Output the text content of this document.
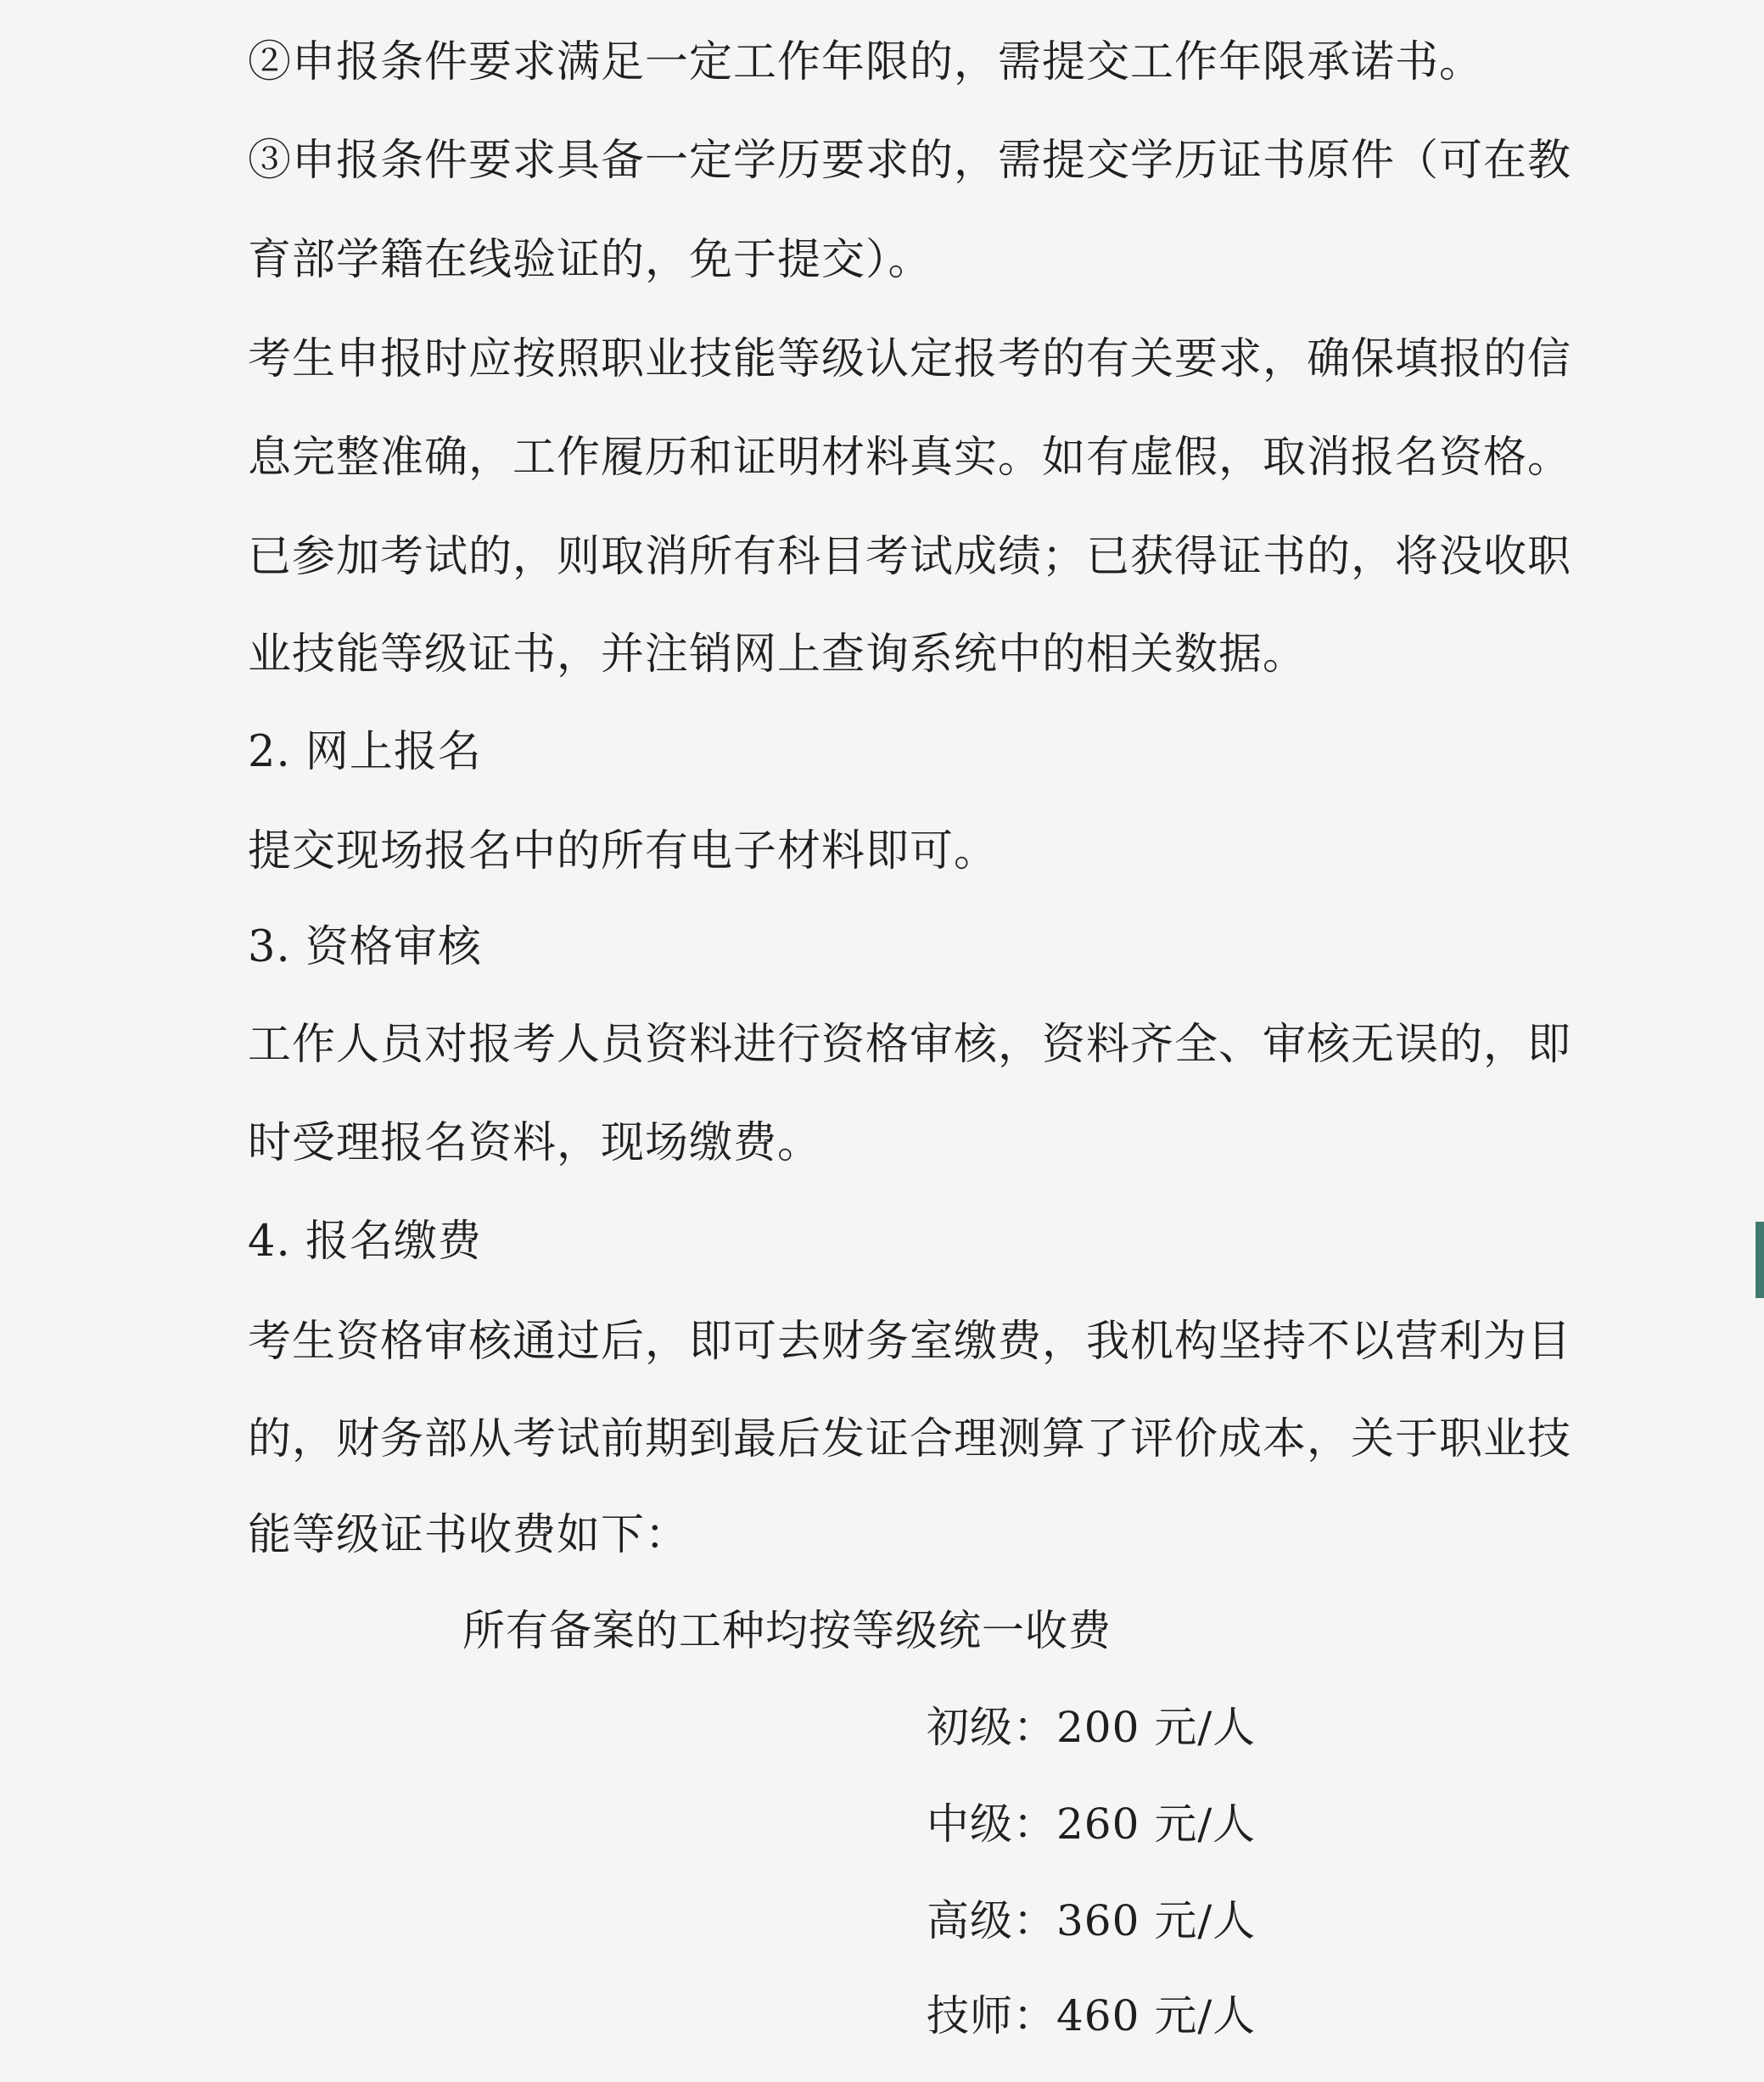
②申报条件要求满足一定工作年限的，需提交工作年限承诺书。
③申报条件要求具备一定学历要求的，需提交学历证书原件（可在教
育部学籍在线验证的，免于提交）。
考生申报时应按照职业技能等级认定报考的有关要求，确保填报的信
息完整准确，工作履历和证明材料真实。如有虚假，取消报名资格。
已参加考试的，则取消所有科目考试成绩；已获得证书的，将没收职
业技能等级证书，并注销网上查询系统中的相关数据。
2. 网上报名
提交现场报名中的所有电子材料即可。
3. 资格审核
工作人员对报考人员资料进行资格审核，资料齐全、审核无误的，即
时受理报名资料，现场缴费。
4. 报名缴费
考生资格审核通过后，即可去财务室缴费，我机构坚持不以营利为目
的，财务部从考试前期到最后发证合理测算了评价成本，关于职业技
能等级证书收费如下：
所有备案的工种均按等级统一收费
初级：200 元/人
中级：260 元/人
高级：360 元/人
技师：460 元/人
